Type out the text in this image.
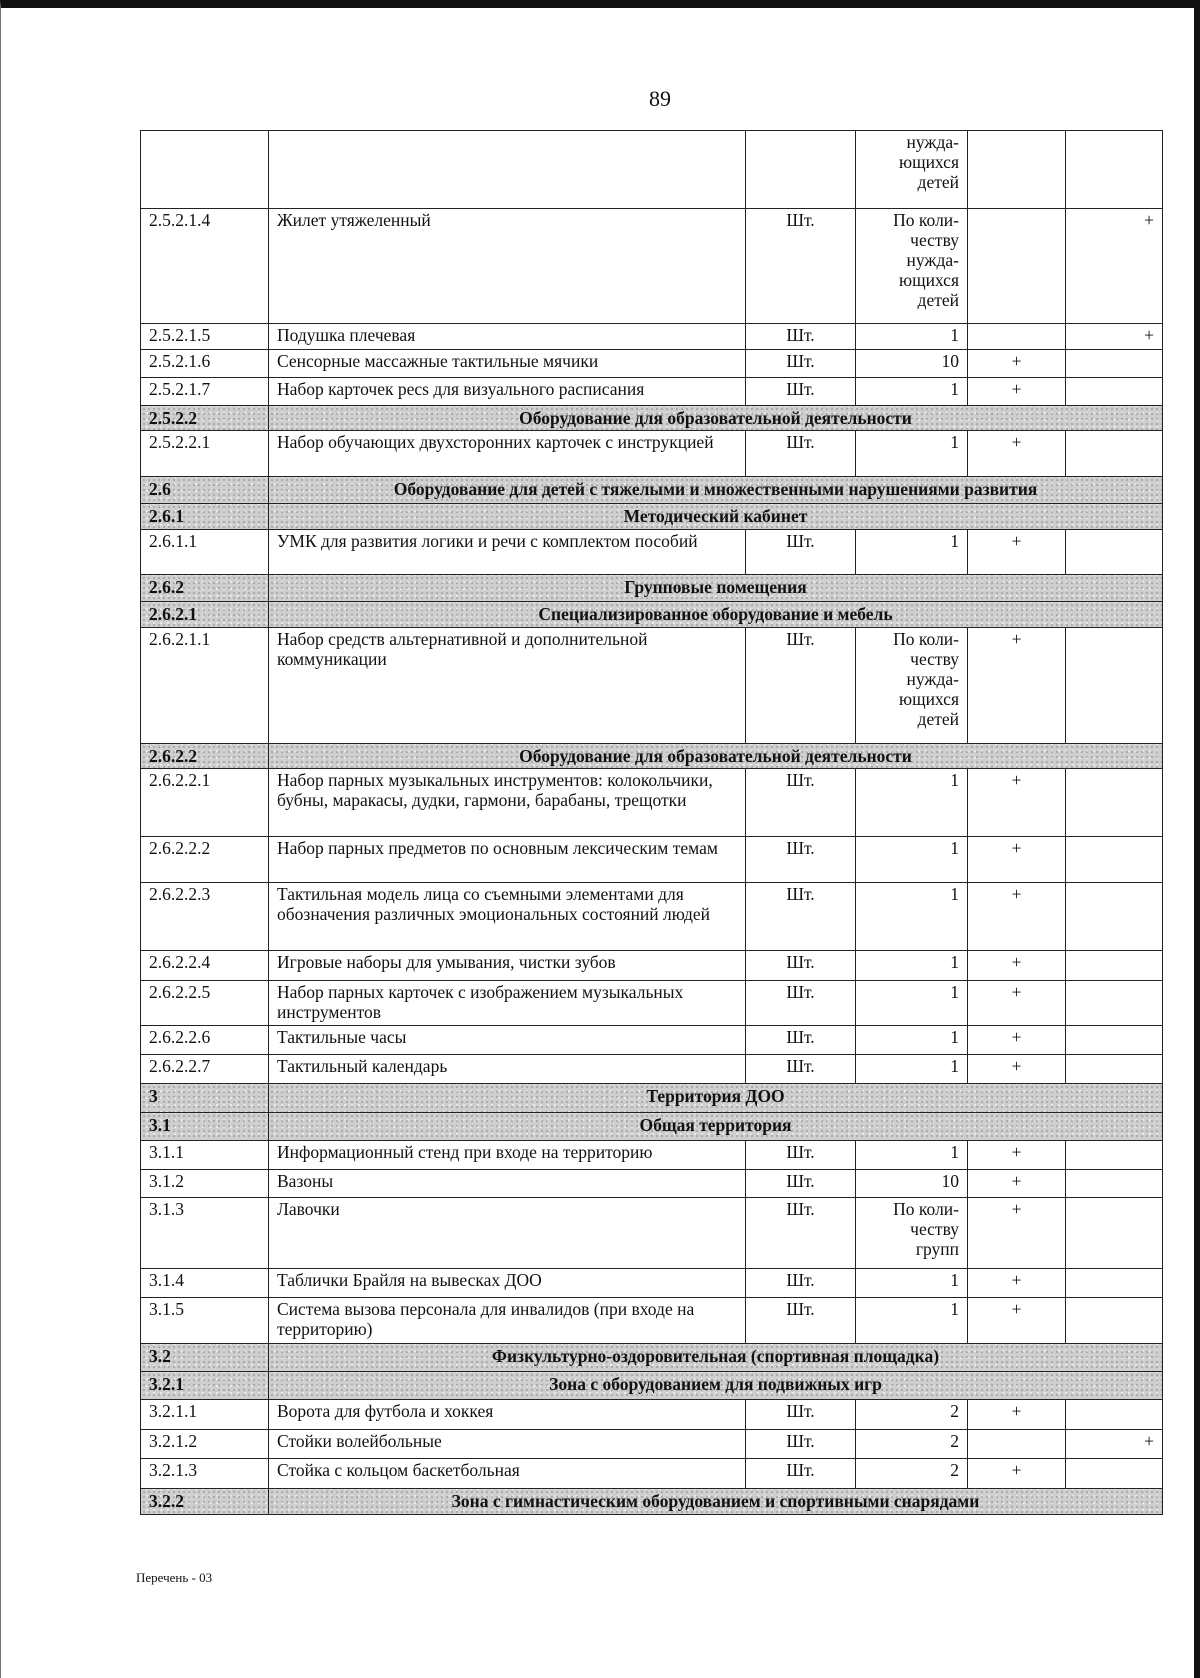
89
			нужда-
ющихся
детей		
2.5.2.1.4	Жилет утяжеленный	Шт.	По коли-
честву
нужда-
ющихся
детей		+
2.5.2.1.5	Подушка плечевая	Шт.	1		+
2.5.2.1.6	Сенсорные массажные тактильные мячики	Шт.	10	+	
2.5.2.1.7	Набор карточек pecs для визуального расписания	Шт.	1	+	
2.5.2.2	Оборудование для образовательной деятельности				
2.5.2.2.1	Набор обучающих двухсторонних карточек с инструкцией	Шт.	1	+	
2.6	Оборудование для детей с тяжелыми и множественными нарушениями развития				
2.6.1	Методический кабинет				
2.6.1.1	УМК для развития логики и речи с комплектом пособий	Шт.	1	+	
2.6.2	Групповые помещения				
2.6.2.1	Специализированное оборудование и мебель				
2.6.2.1.1	Набор средств альтернативной и дополнительной коммуникации	Шт.	По коли-
честву
нужда-
ющихся
детей	+	
2.6.2.2	Оборудование для образовательной деятельности				
2.6.2.2.1	Набор парных музыкальных инструментов: колокольчики, бубны, маракасы, дудки, гармони, барабаны, трещотки	Шт.	1	+	
2.6.2.2.2	Набор парных предметов по основным лексическим темам	Шт.	1	+	
2.6.2.2.3	Тактильная модель лица со съемными элементами для обозначения различных эмоциональных состояний людей	Шт.	1	+	
2.6.2.2.4	Игровые наборы для умывания, чистки зубов	Шт.	1	+	
2.6.2.2.5	Набор парных карточек с изображением музыкальных инструментов	Шт.	1	+	
2.6.2.2.6	Тактильные часы	Шт.	1	+	
2.6.2.2.7	Тактильный календарь	Шт.	1	+	
3	Территория ДОО				
3.1	Общая территория				
3.1.1	Информационный стенд при входе на территорию	Шт.	1	+	
3.1.2	Вазоны	Шт.	10	+	
3.1.3	Лавочки	Шт.	По коли-
честву
групп	+	
3.1.4	Таблички Брайля на вывесках ДОО	Шт.	1	+	
3.1.5	Система вызова персонала для инвалидов (при входе на территорию)	Шт.	1	+	
3.2	Физкультурно-оздоровительная (спортивная площадка)				
3.2.1	Зона с оборудованием для подвижных игр				
3.2.1.1	Ворота для футбола и хоккея	Шт.	2	+	
3.2.1.2	Стойки волейбольные	Шт.	2		+
3.2.1.3	Стойка с кольцом баскетбольная	Шт.	2	+	
3.2.2	Зона с гимнастическим оборудованием и спортивными снарядами				
Перечень - 03
